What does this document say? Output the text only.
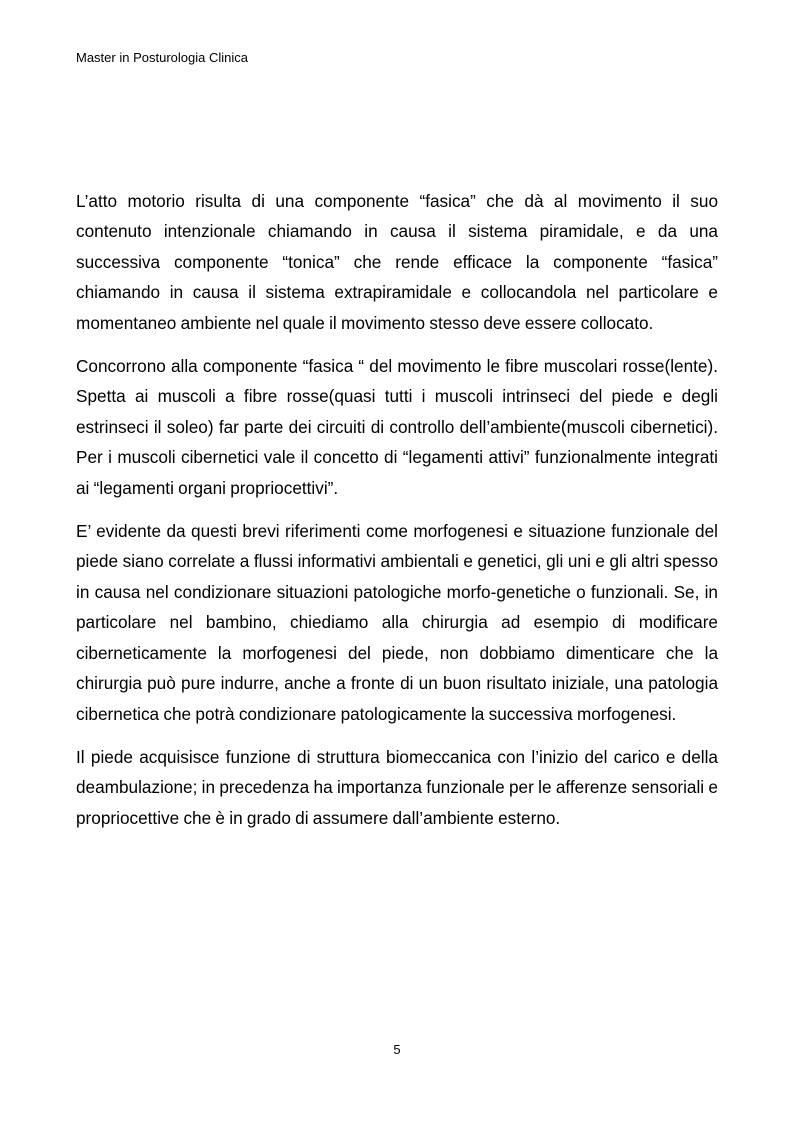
Master in Posturologia Clinica

L’atto motorio risulta di una componente “fasica” che dà al movimento il suo contenuto intenzionale chiamando in causa il sistema piramidale, e da una successiva componente “tonica” che rende efficace la componente “fasica” chiamando in causa il sistema extrapiramidale e collocandola nel particolare e momentaneo ambiente nel quale il movimento stesso deve essere collocato.

Concorrono alla componente “fasica “ del movimento le fibre muscolari rosse(lente). Spetta ai muscoli a fibre rosse(quasi tutti i muscoli intrinseci del piede e degli estrinseci il soleo) far parte dei circuiti di controllo dell’ambiente(muscoli cibernetici). Per i muscoli cibernetici vale il concetto di “legamenti attivi” funzionalmente integrati ai “legamenti organi propriocettivi”.

E’ evidente da questi brevi riferimenti come morfogenesi e situazione funzionale del piede siano correlate a flussi informativi ambientali e genetici, gli uni e gli altri spesso in causa nel condizionare situazioni patologiche morfo-genetiche o funzionali. Se, in particolare nel bambino, chiediamo alla chirurgia ad esempio di modificare ciberneticamente la morfogenesi del piede, non dobbiamo dimenticare che la chirurgia può pure indurre, anche a fronte di un buon risultato iniziale, una patologia cibernetica che potrà condizionare patologicamente la successiva morfogenesi.

Il piede acquisisce funzione di struttura biomeccanica con l’inizio del carico e della deambulazione; in precedenza ha importanza funzionale per le afferenze sensoriali e propriocettive che è in grado di assumere dall’ambiente esterno.

5
